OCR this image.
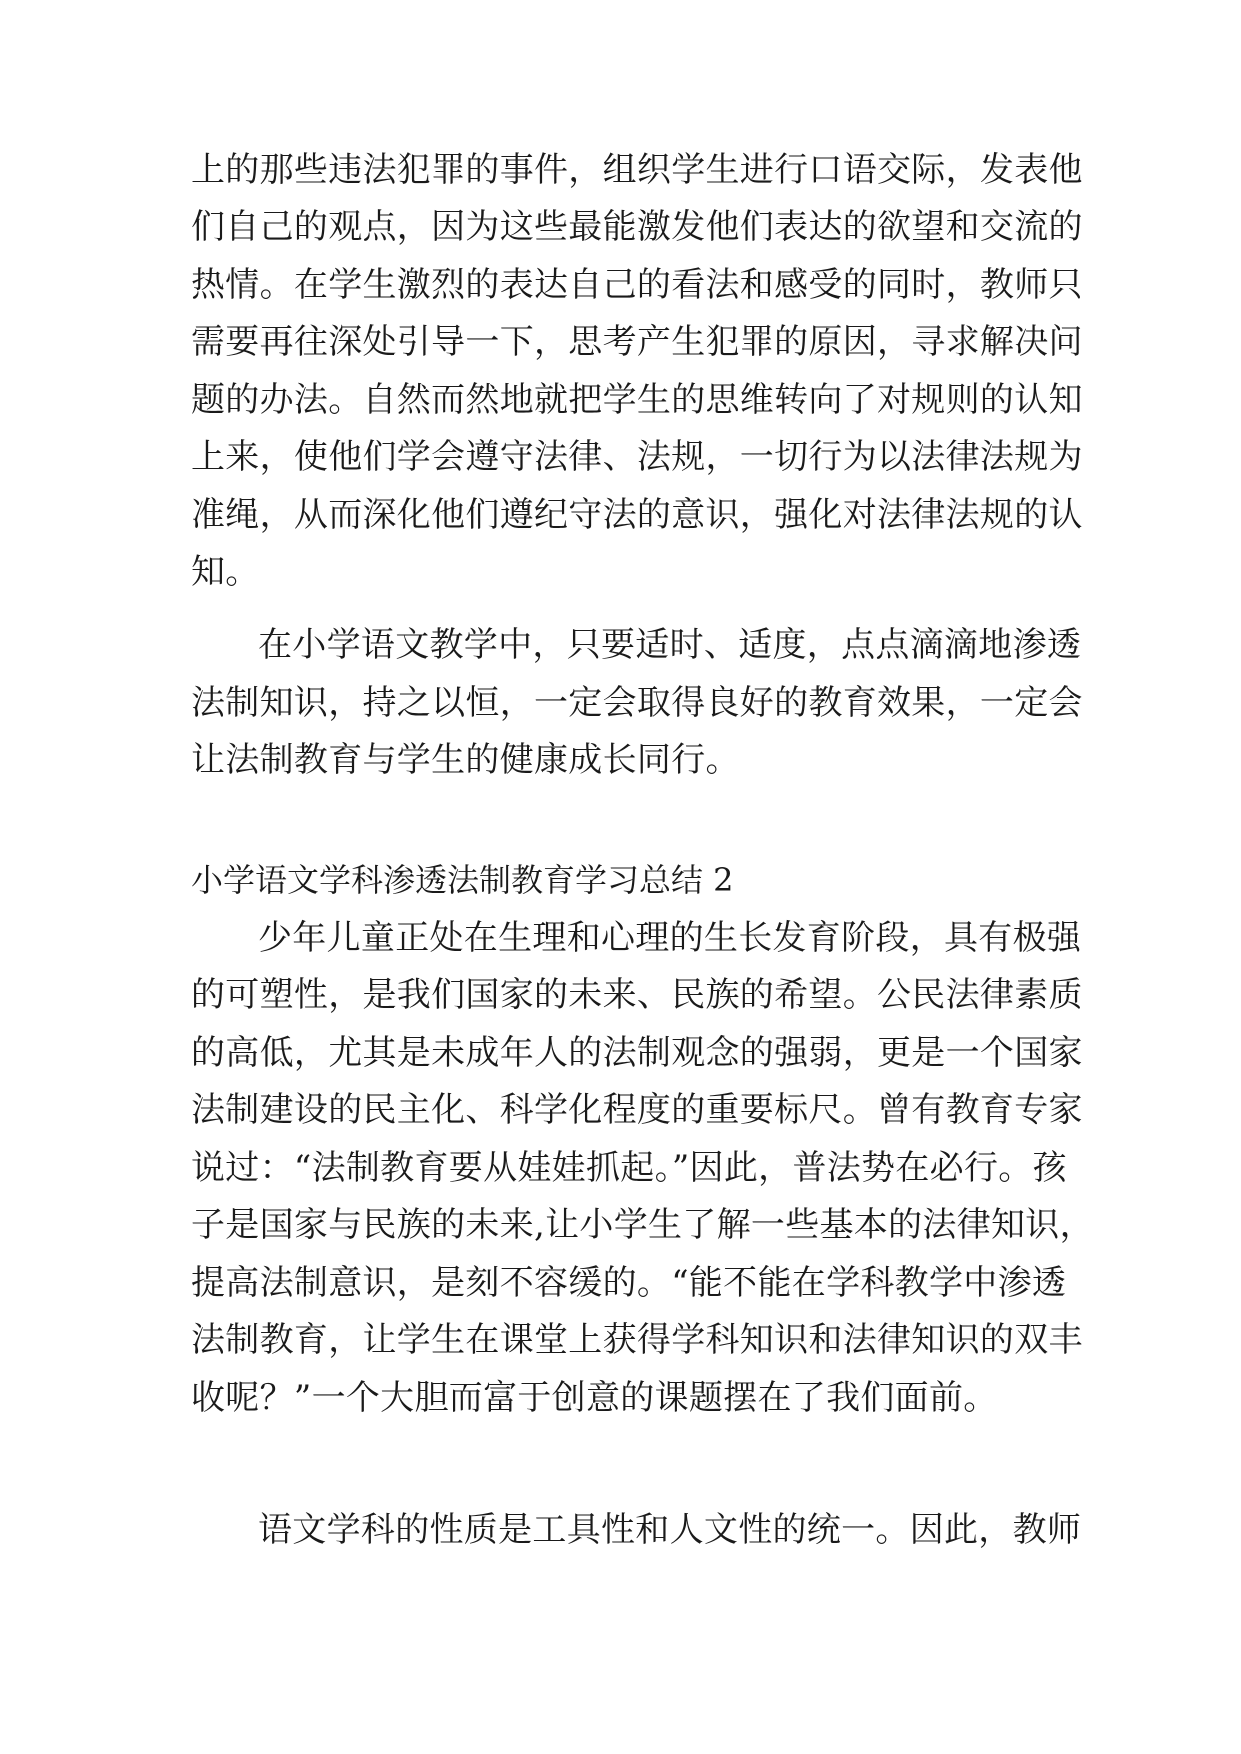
上的那些违法犯罪的事件，组织学生进行口语交际，发表他
们自己的观点，因为这些最能激发他们表达的欲望和交流的
热情。在学生激烈的表达自己的看法和感受的同时，教师只
需要再往深处引导一下，思考产生犯罪的原因，寻求解决问
题的办法。自然而然地就把学生的思维转向了对规则的认知
上来，使他们学会遵守法律、法规，一切行为以法律法规为
准绳，从而深化他们遵纪守法的意识，强化对法律法规的认
知。
在小学语文教学中，只要适时、适度，点点滴滴地渗透
法制知识，持之以恒，一定会取得良好的教育效果，一定会
让法制教育与学生的健康成长同行。
小学语文学科渗透法制教育学习总结 2
少年儿童正处在生理和心理的生长发育阶段，具有极强
的可塑性，是我们国家的未来、民族的希望。公民法律素质
的高低，尤其是未成年人的法制观念的强弱，更是一个国家
法制建设的民主化、科学化程度的重要标尺。曾有教育专家
说过：“法制教育要从娃娃抓起。”因此，普法势在必行。孩
子是国家与民族的未来,让小学生了解一些基本的法律知识，
提高法制意识，是刻不容缓的。“能不能在学科教学中渗透
法制教育，让学生在课堂上获得学科知识和法律知识的双丰
收呢？”一个大胆而富于创意的课题摆在了我们面前。
语文学科的性质是工具性和人文性的统一。因此，教师
